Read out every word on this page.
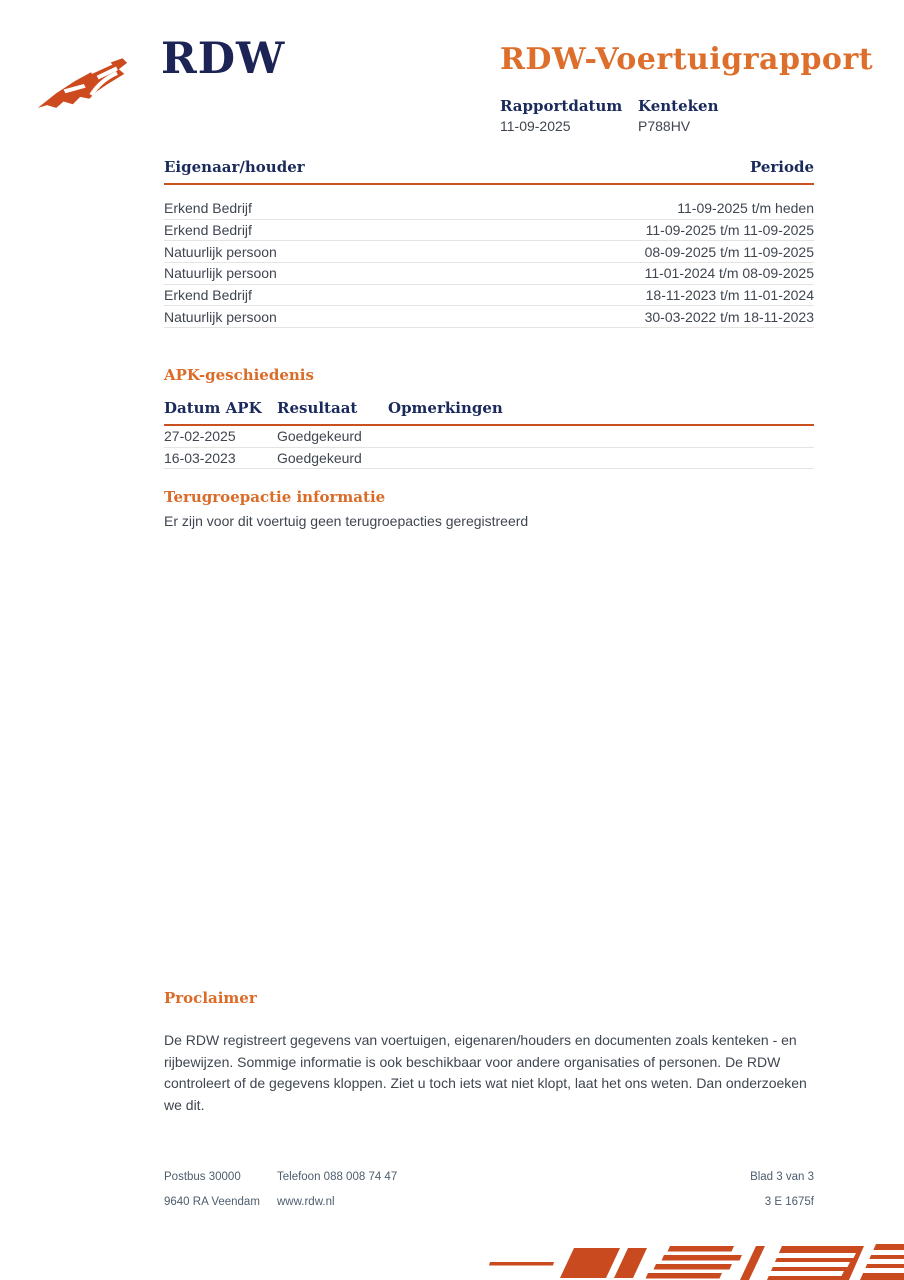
RDW	RDW-Voertuigrapport
Rapportdatum Kenteken
11-09-2025	P788HV
Eigenaar/houder	Periode
Erkend Bedrijf	11-09-2025 t/m heden
Erkend Bedrijf	11-09-2025 t/m 11-09-2025
Natuurlijk persoon	08-09-2025 t/m 11-09-2025
Natuurlijk persoon	11-01-2024 t/m 08-09-2025
Erkend Bedrijf	18-11-2023 t/m 11-01-2024
Natuurlijk persoon	30-03-2022 t/m 18-11-2023
APK-geschiedenis
Datum APK	Resultaat	Opmerkingen
27-02-2025	Goedgekeurd
16-03-2023	Goedgekeurd
Terugroepactie informatie
Er zijn voor dit voertuig geen terugroepacties geregistreerd
Proclaimer
De RDW registreert gegevens van voertuigen, eigenaren/houders en documenten zoals kenteken - en rijbewijzen. Sommige informatie is ook beschikbaar voor andere organisaties of personen. De RDW controleert of de gegevens kloppen. Ziet u toch iets wat niet klopt, laat het ons weten. Dan onderzoeken we dit.
Postbus 30000	Telefoon 088 008 74 47	Blad 3 van 3
9640 RA Veendam	www.rdw.nl	3 E 1675f
